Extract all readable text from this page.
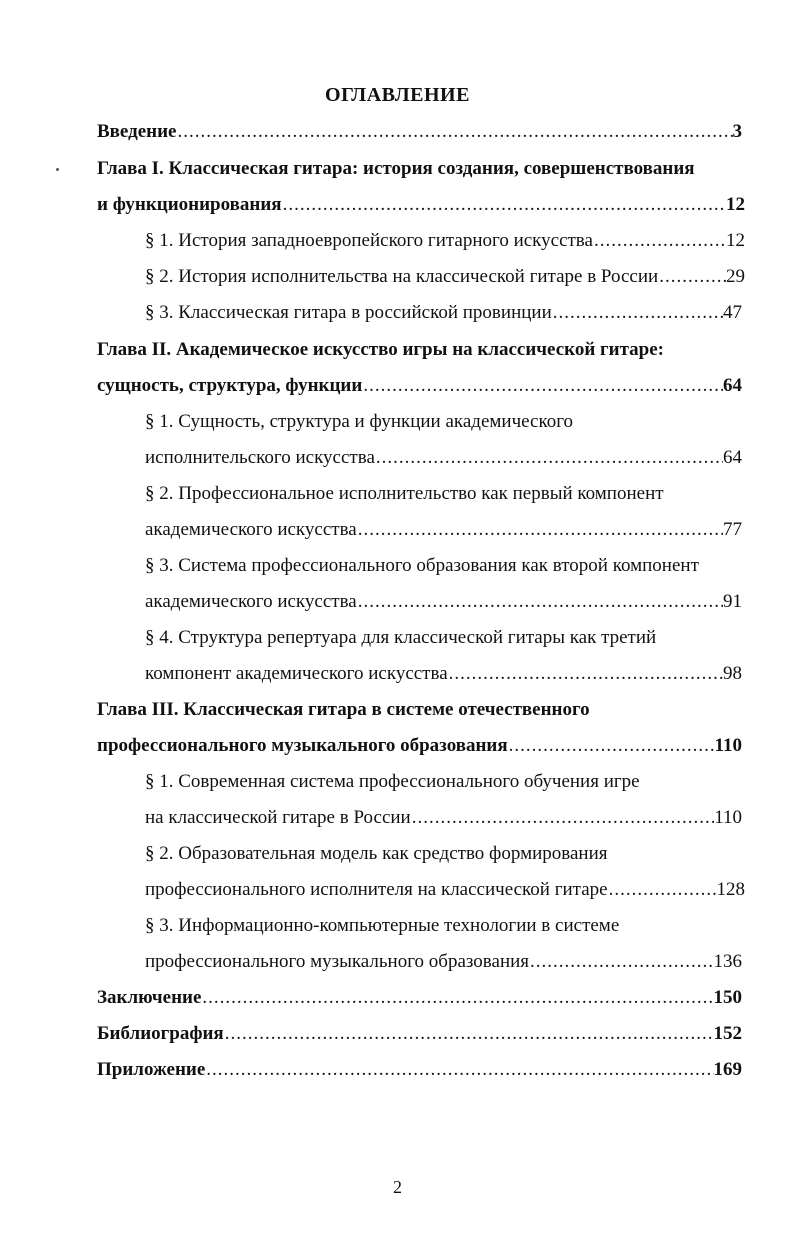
ОГЛАВЛЕНИЕ
Введение .....	3
Глава I. Классическая гитара: история создания, совершенствования
и функционирования .....	12
§ 1. История западноевропейского гитарного искусства .....	12
§ 2. История исполнительства на классической гитаре в России .....	29
§ 3. Классическая гитара в российской провинции .....	47
Глава II. Академическое искусство игры на классической гитаре:
сущность, структура, функции .....	64
§ 1. Сущность, структура и функции академического
исполнительского искусства .....	64
§ 2. Профессиональное исполнительство как первый компонент
академического искусства .....	77
§ 3. Система профессионального образования как второй компонент
академического искусства .....	91
§ 4. Структура репертуара для классической гитары как третий
компонент академического искусства .....	98
Глава III. Классическая гитара в системе отечественного
профессионального музыкального образования .....	110
§ 1. Современная система профессионального обучения игре
на классической гитаре в России .....	110
§ 2. Образовательная модель как средство формирования
профессионального исполнителя на классической гитаре .....	128
§ 3. Информационно-компьютерные технологии в системе
профессионального музыкального образования .....	136
Заключение .....	150
Библиография .....	152
Приложение .....	169
2
